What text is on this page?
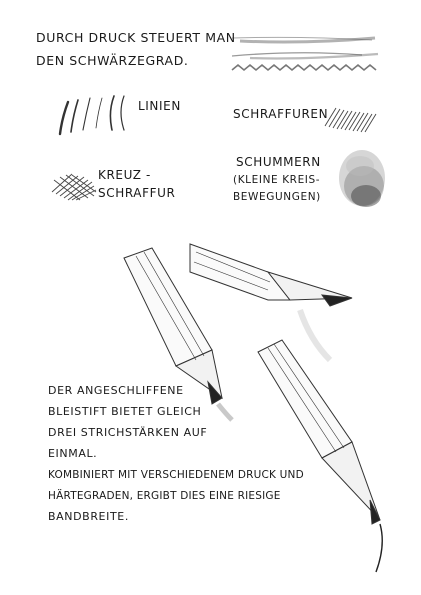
DURCH DRUCK STEUERT MAN
DEN SCHWÄRZEGRAD.
LINIEN
SCHRAFFUREN
KREUZ -
SCHRAFFUR
SCHUMMERN
(KLEINE KREIS-
BEWEGUNGEN)
DER ANGESCHLIFFENE
BLEISTIFT BIETET GLEICH
DREI STRICHSTÄRKEN AUF
EINMAL.
KOMBINIERT MIT VERSCHIEDENEM DRUCK UND
HÄRTEGRADEN, ERGIBT DIES EINE RIESIGE
BANDBREITE.
